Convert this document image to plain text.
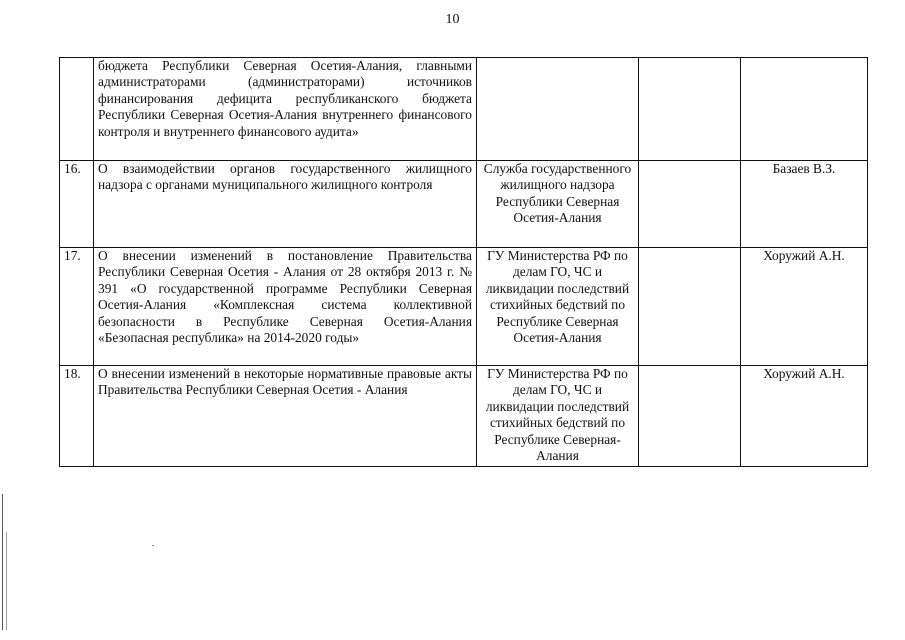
10
	бюджета Республики Северная Осетия-Алания, главными администраторами (администраторами) источников финансирования дефицита республиканского бюджета Республики Северная Осетия-Алания внутреннего финансового контроля и внутреннего финансового аудита»			
16.	О взаимодействии органов государственного жилищного надзора с органами муниципального жилищного контроля	Служба государственного жилищного надзора Республики Северная Осетия-Алания		Базаев В.З.
17.	О внесении изменений в постановление Правительства Республики Северная Осетия - Алания от 28 октября 2013 г. № 391 «О государственной программе Республики Северная Осетия-Алания «Комплексная система коллективной безопасности в Республике Северная Осетия-Алания «Безопасная республика» на 2014-2020 годы»	ГУ Министерства РФ по делам ГО, ЧС и ликвидации последствий стихийных бедствий по Республике Северная Осетия-Алания		Хоружий А.Н.
18.	О внесении изменений в некоторые нормативные правовые акты Правительства Республики Северная Осетия - Алания	ГУ Министерства РФ по делам ГО, ЧС и ликвидации последствий стихийных бедствий по Республике Северная-Алания		Хоружий А.Н.
